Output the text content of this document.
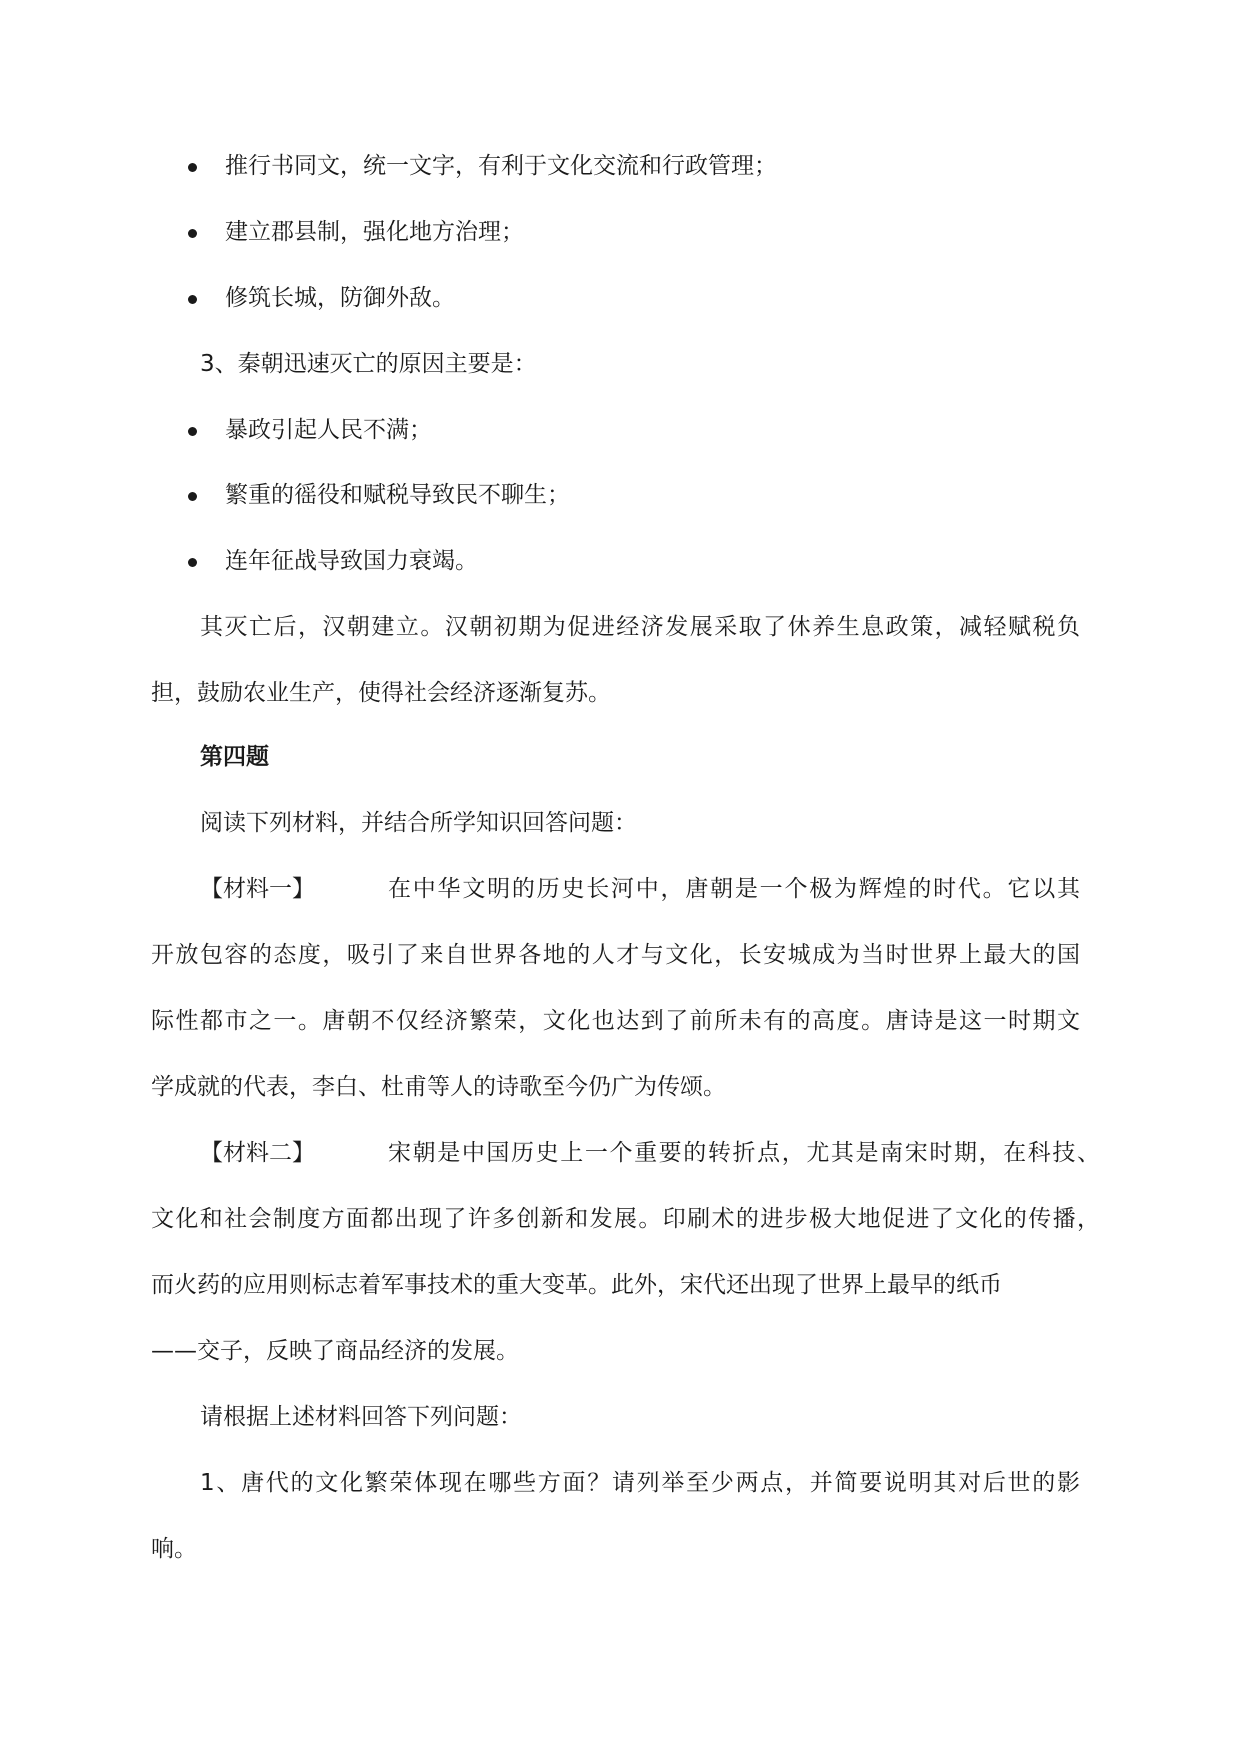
推行书同文，统一文字，有利于文化交流和行政管理；
建立郡县制，强化地方治理；
修筑长城，防御外敌。
3、秦朝迅速灭亡的原因主要是：
暴政引起人民不满；
繁重的徭役和赋税导致民不聊生；
连年征战导致国力衰竭。
其灭亡后，汉朝建立。汉朝初期为促进经济发展采取了休养生息政策，减轻赋税负
担，鼓励农业生产，使得社会经济逐渐复苏。
第四题
阅读下列材料，并结合所学知识回答问题：
【材料一】	在中华文明的历史长河中，唐朝是一个极为辉煌的时代。它以其
开放包容的态度，吸引了来自世界各地的人才与文化，长安城成为当时世界上最大的国
际性都市之一。唐朝不仅经济繁荣，文化也达到了前所未有的高度。唐诗是这一时期文
学成就的代表，李白、杜甫等人的诗歌至今仍广为传颂。
【材料二】	宋朝是中国历史上一个重要的转折点，尤其是南宋时期，在科技、
文化和社会制度方面都出现了许多创新和发展。印刷术的进步极大地促进了文化的传播，
而火药的应用则标志着军事技术的重大变革。此外，宋代还出现了世界上最早的纸币
——交子，反映了商品经济的发展。
请根据上述材料回答下列问题：
1、唐代的文化繁荣体现在哪些方面？请列举至少两点，并简要说明其对后世的影
响。
